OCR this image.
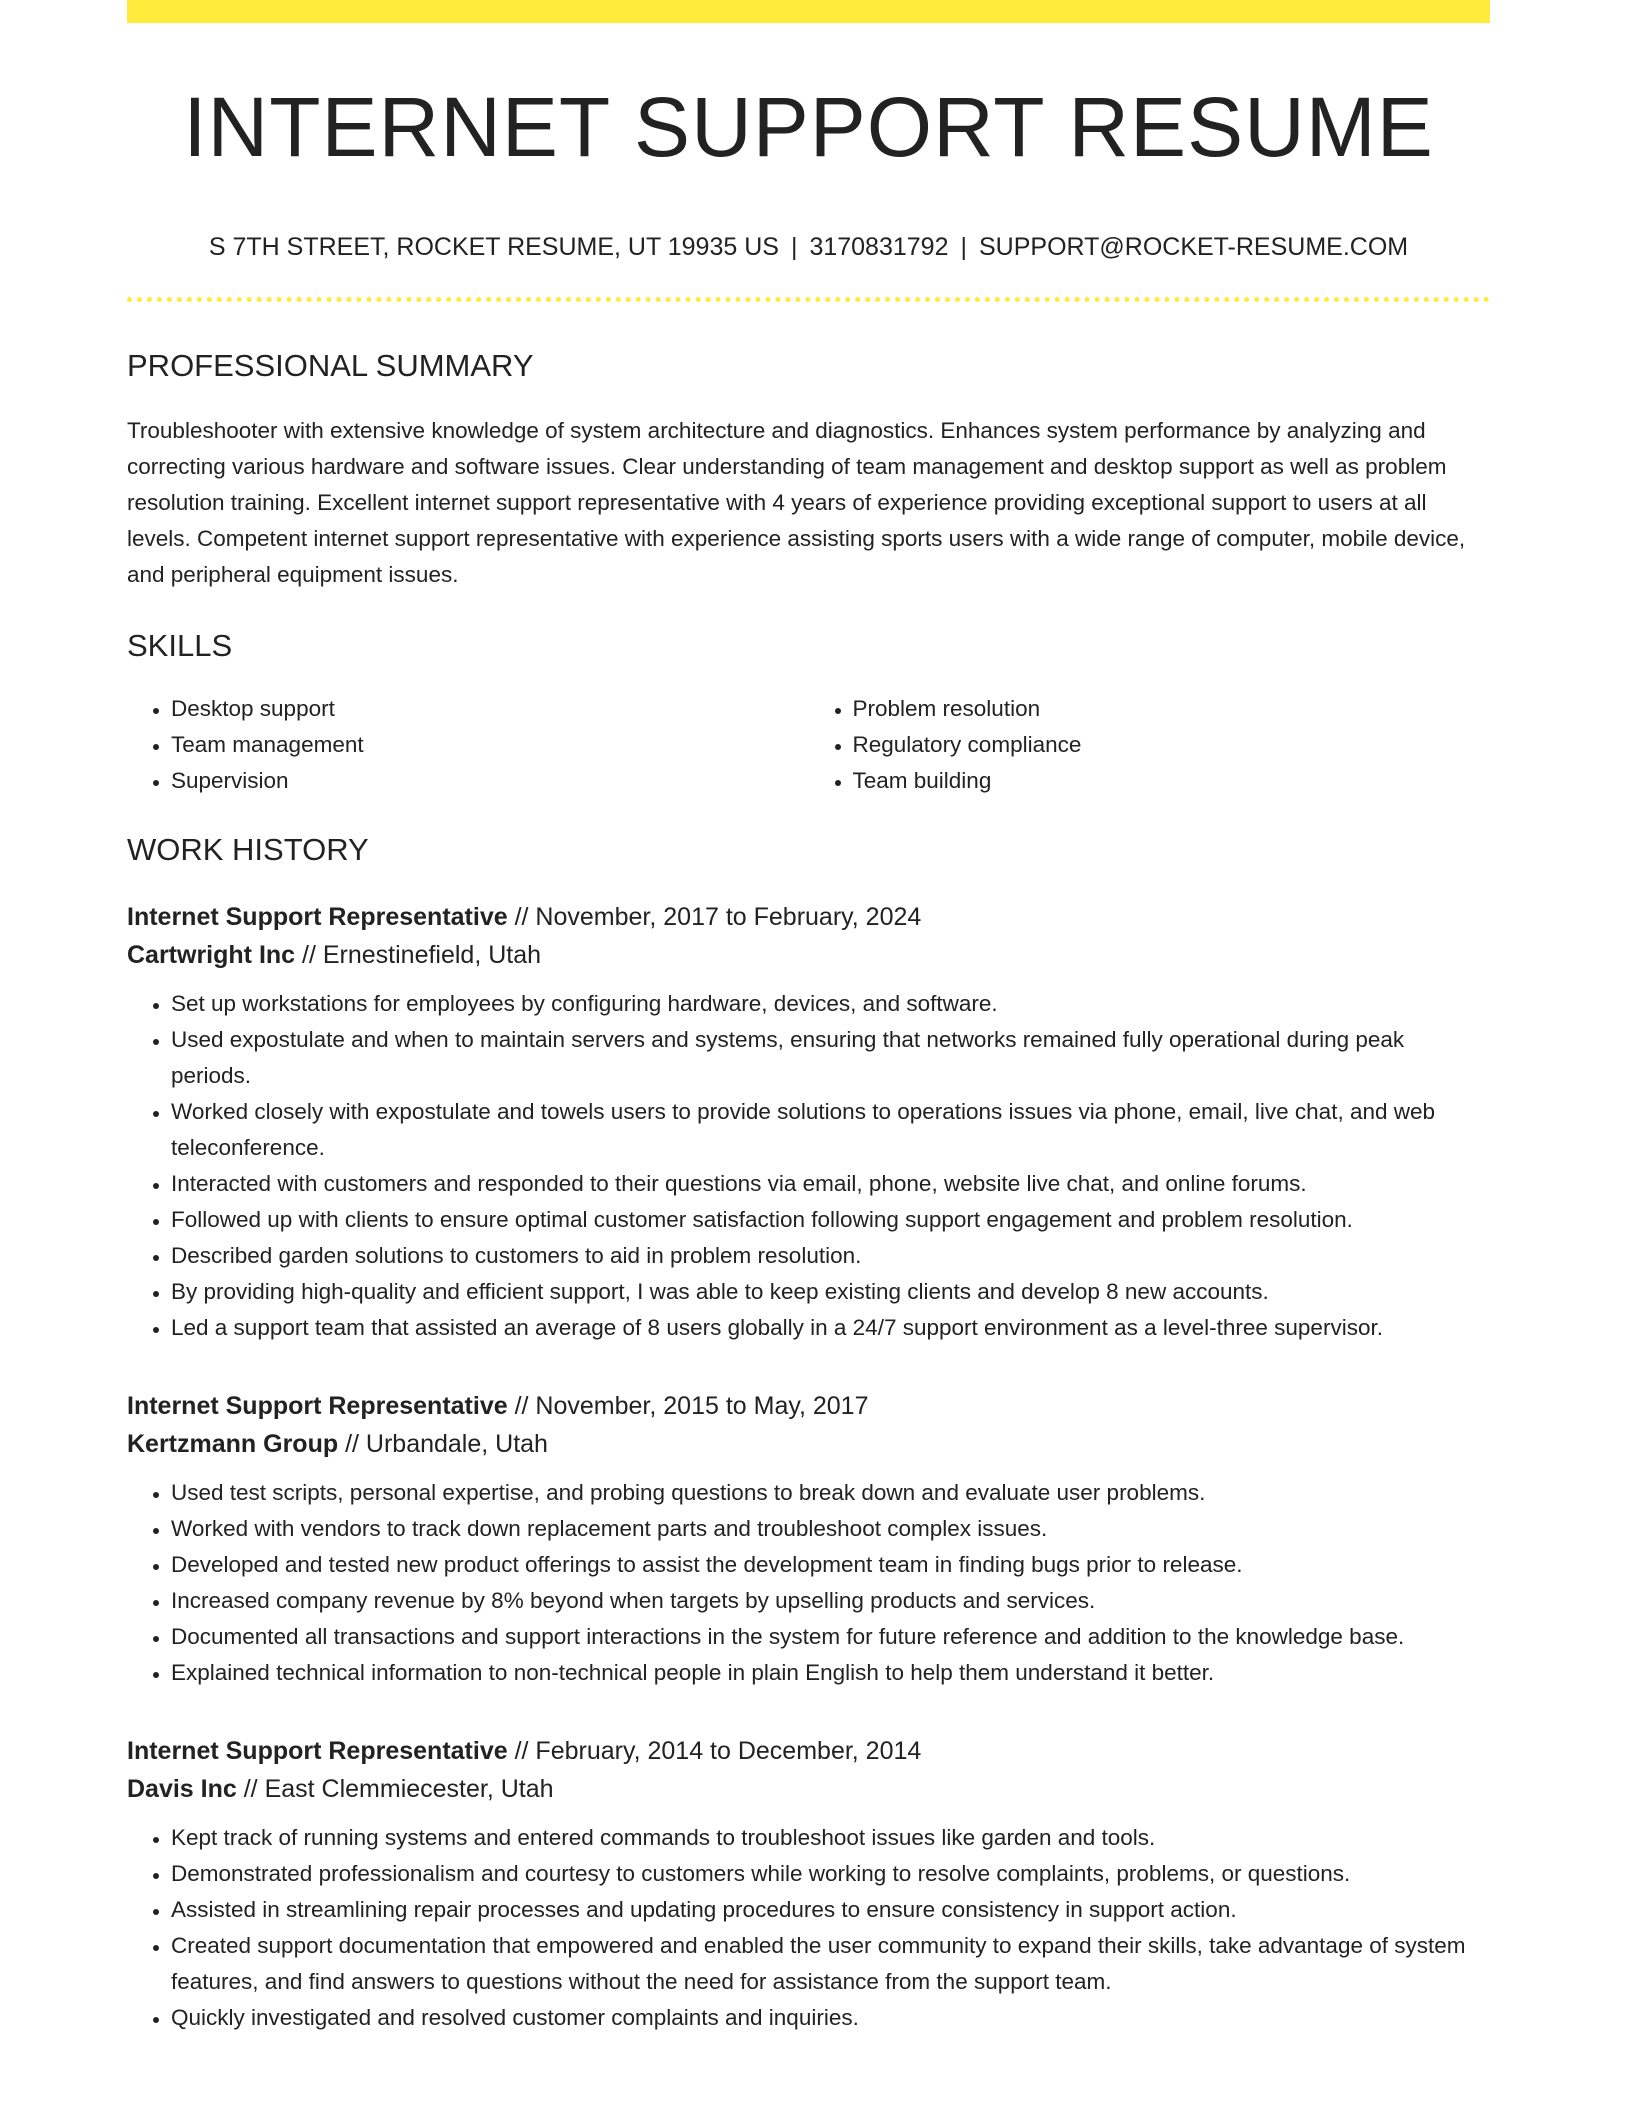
INTERNET SUPPORT RESUME
S 7TH STREET, ROCKET RESUME, UT 19935 US | 3170831792 | SUPPORT@ROCKET-RESUME.COM
PROFESSIONAL SUMMARY

Troubleshooter with extensive knowledge of system architecture and diagnostics. Enhances system performance by analyzing and correcting various hardware and software issues. Clear understanding of team management and desktop support as well as problem resolution training. Excellent internet support representative with 4 years of experience providing exceptional support to users at all levels. Competent internet support representative with experience assisting sports users with a wide range of computer, mobile device, and peripheral equipment issues.

SKILLS
• Desktop support
• Team management
• Supervision
• Problem resolution
• Regulatory compliance
• Team building
WORK HISTORY

Internet Support Representative // November, 2017 to February, 2024

Cartwright Inc // Ernestinefield, Utah

• Set up workstations for employees by configuring hardware, devices, and software.
• Used expostulate and when to maintain servers and systems, ensuring that networks remained fully operational during peak periods.
• Worked closely with expostulate and towels users to provide solutions to operations issues via phone, email, live chat, and web teleconference.
• Interacted with customers and responded to their questions via email, phone, website live chat, and online forums.
• Followed up with clients to ensure optimal customer satisfaction following support engagement and problem resolution.
• Described garden solutions to customers to aid in problem resolution.
• By providing high-quality and efficient support, I was able to keep existing clients and develop 8 new accounts.
• Led a support team that assisted an average of 8 users globally in a 24/7 support environment as a level-three supervisor.

Internet Support Representative // November, 2015 to May, 2017

Kertzmann Group // Urbandale, Utah

• Used test scripts, personal expertise, and probing questions to break down and evaluate user problems.
• Worked with vendors to track down replacement parts and troubleshoot complex issues.
• Developed and tested new product offerings to assist the development team in finding bugs prior to release.
• Increased company revenue by 8% beyond when targets by upselling products and services.
• Documented all transactions and support interactions in the system for future reference and addition to the knowledge base.
• Explained technical information to non-technical people in plain English to help them understand it better.

Internet Support Representative // February, 2014 to December, 2014

Davis Inc // East Clemmiecester, Utah

• Kept track of running systems and entered commands to troubleshoot issues like garden and tools.
• Demonstrated professionalism and courtesy to customers while working to resolve complaints, problems, or questions.
• Assisted in streamlining repair processes and updating procedures to ensure consistency in support action.
• Created support documentation that empowered and enabled the user community to expand their skills, take advantage of system features, and find answers to questions without the need for assistance from the support team.
• Quickly investigated and resolved customer complaints and inquiries.
